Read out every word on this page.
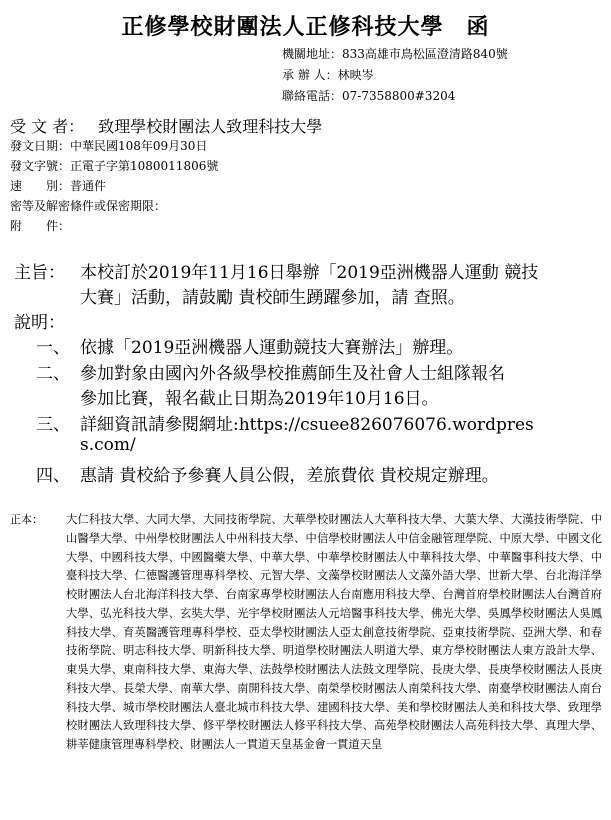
正修學校財團法人正修科技大學　函
機關地址：833高雄市鳥松區澄清路840號
承 辦 人：林映岑
聯絡電話：07-7358800#3204
受 文 者： 致理學校財團法人致理科技大學
發文日期：中華民國108年09月30日
發文字號：正電子字第1080011806號
速　　別：普通件
密等及解密條件或保密期限：
附　　件：
主旨： 本校訂於2019年11月16日舉辦「2019亞洲機器人運動 競技
大賽」活動，請鼓勵 貴校師生踴躍參加，請 查照。
說明：
一、 依據「2019亞洲機器人運動競技大賽辦法」辦理。
二、 參加對象由國內外各級學校推薦師生及社會人士組隊報名
參加比賽，報名截止日期為2019年10月16日。
三、 詳細資訊請參閱網址:https://csuee826076076.wordpres
s.com/
四、 惠請 貴校給予參賽人員公假，差旅費依 貴校規定辦理。
正本： 大仁科技大學、大同大學、大同技術學院、大華學校財團法人大華科技大學、大葉大學、大漢技術學院、中山醫學大學、中州學校財團法人中州科技大學、中信學校財團法人中信金融管理學院、中原大學、中國文化大學、中國科技大學、中國醫藥大學、中華大學、中華學校財團法人中華科技大學、中華醫事科技大學、中臺科技大學、仁德醫護管理專科學校、元智大學、文藻學校財團法人文藻外語大學、世新大學、台北海洋學校財團法人台北海洋科技大學、台南家專學校財團法人台南應用科技大學、台灣首府學校財團法人台灣首府大學、弘光科技大學、玄奘大學、光宇學校財團法人元培醫事科技大學、佛光大學、吳鳳學校財團法人吳鳳科技大學、育英醫護管理專科學校、亞太學校財團法人亞太創意技術學院、亞東技術學院、亞洲大學、和春技術學院、明志科技大學、明新科技大學、明道學校財團法人明道大學、東方學校財團法人東方設計大學、東吳大學、東南科技大學、東海大學、法鼓學校財團法人法鼓文理學院、長庚大學、長庚學校財團法人長庚科技大學、長榮大學、南華大學、南開科技大學、南榮學校財團法人南榮科技大學、南臺學校財團法人南台科技大學、城市學校財團法人臺北城市科技大學、建國科技大學、美和學校財團法人美和科技大學、致理學校財團法人致理科技大學、修平學校財團法人修平科技大學、高苑學校財團法人高苑科技大學、真理大學、耕莘健康管理專科學校、財團法人一貫道天皇基金會一貫道天皇
